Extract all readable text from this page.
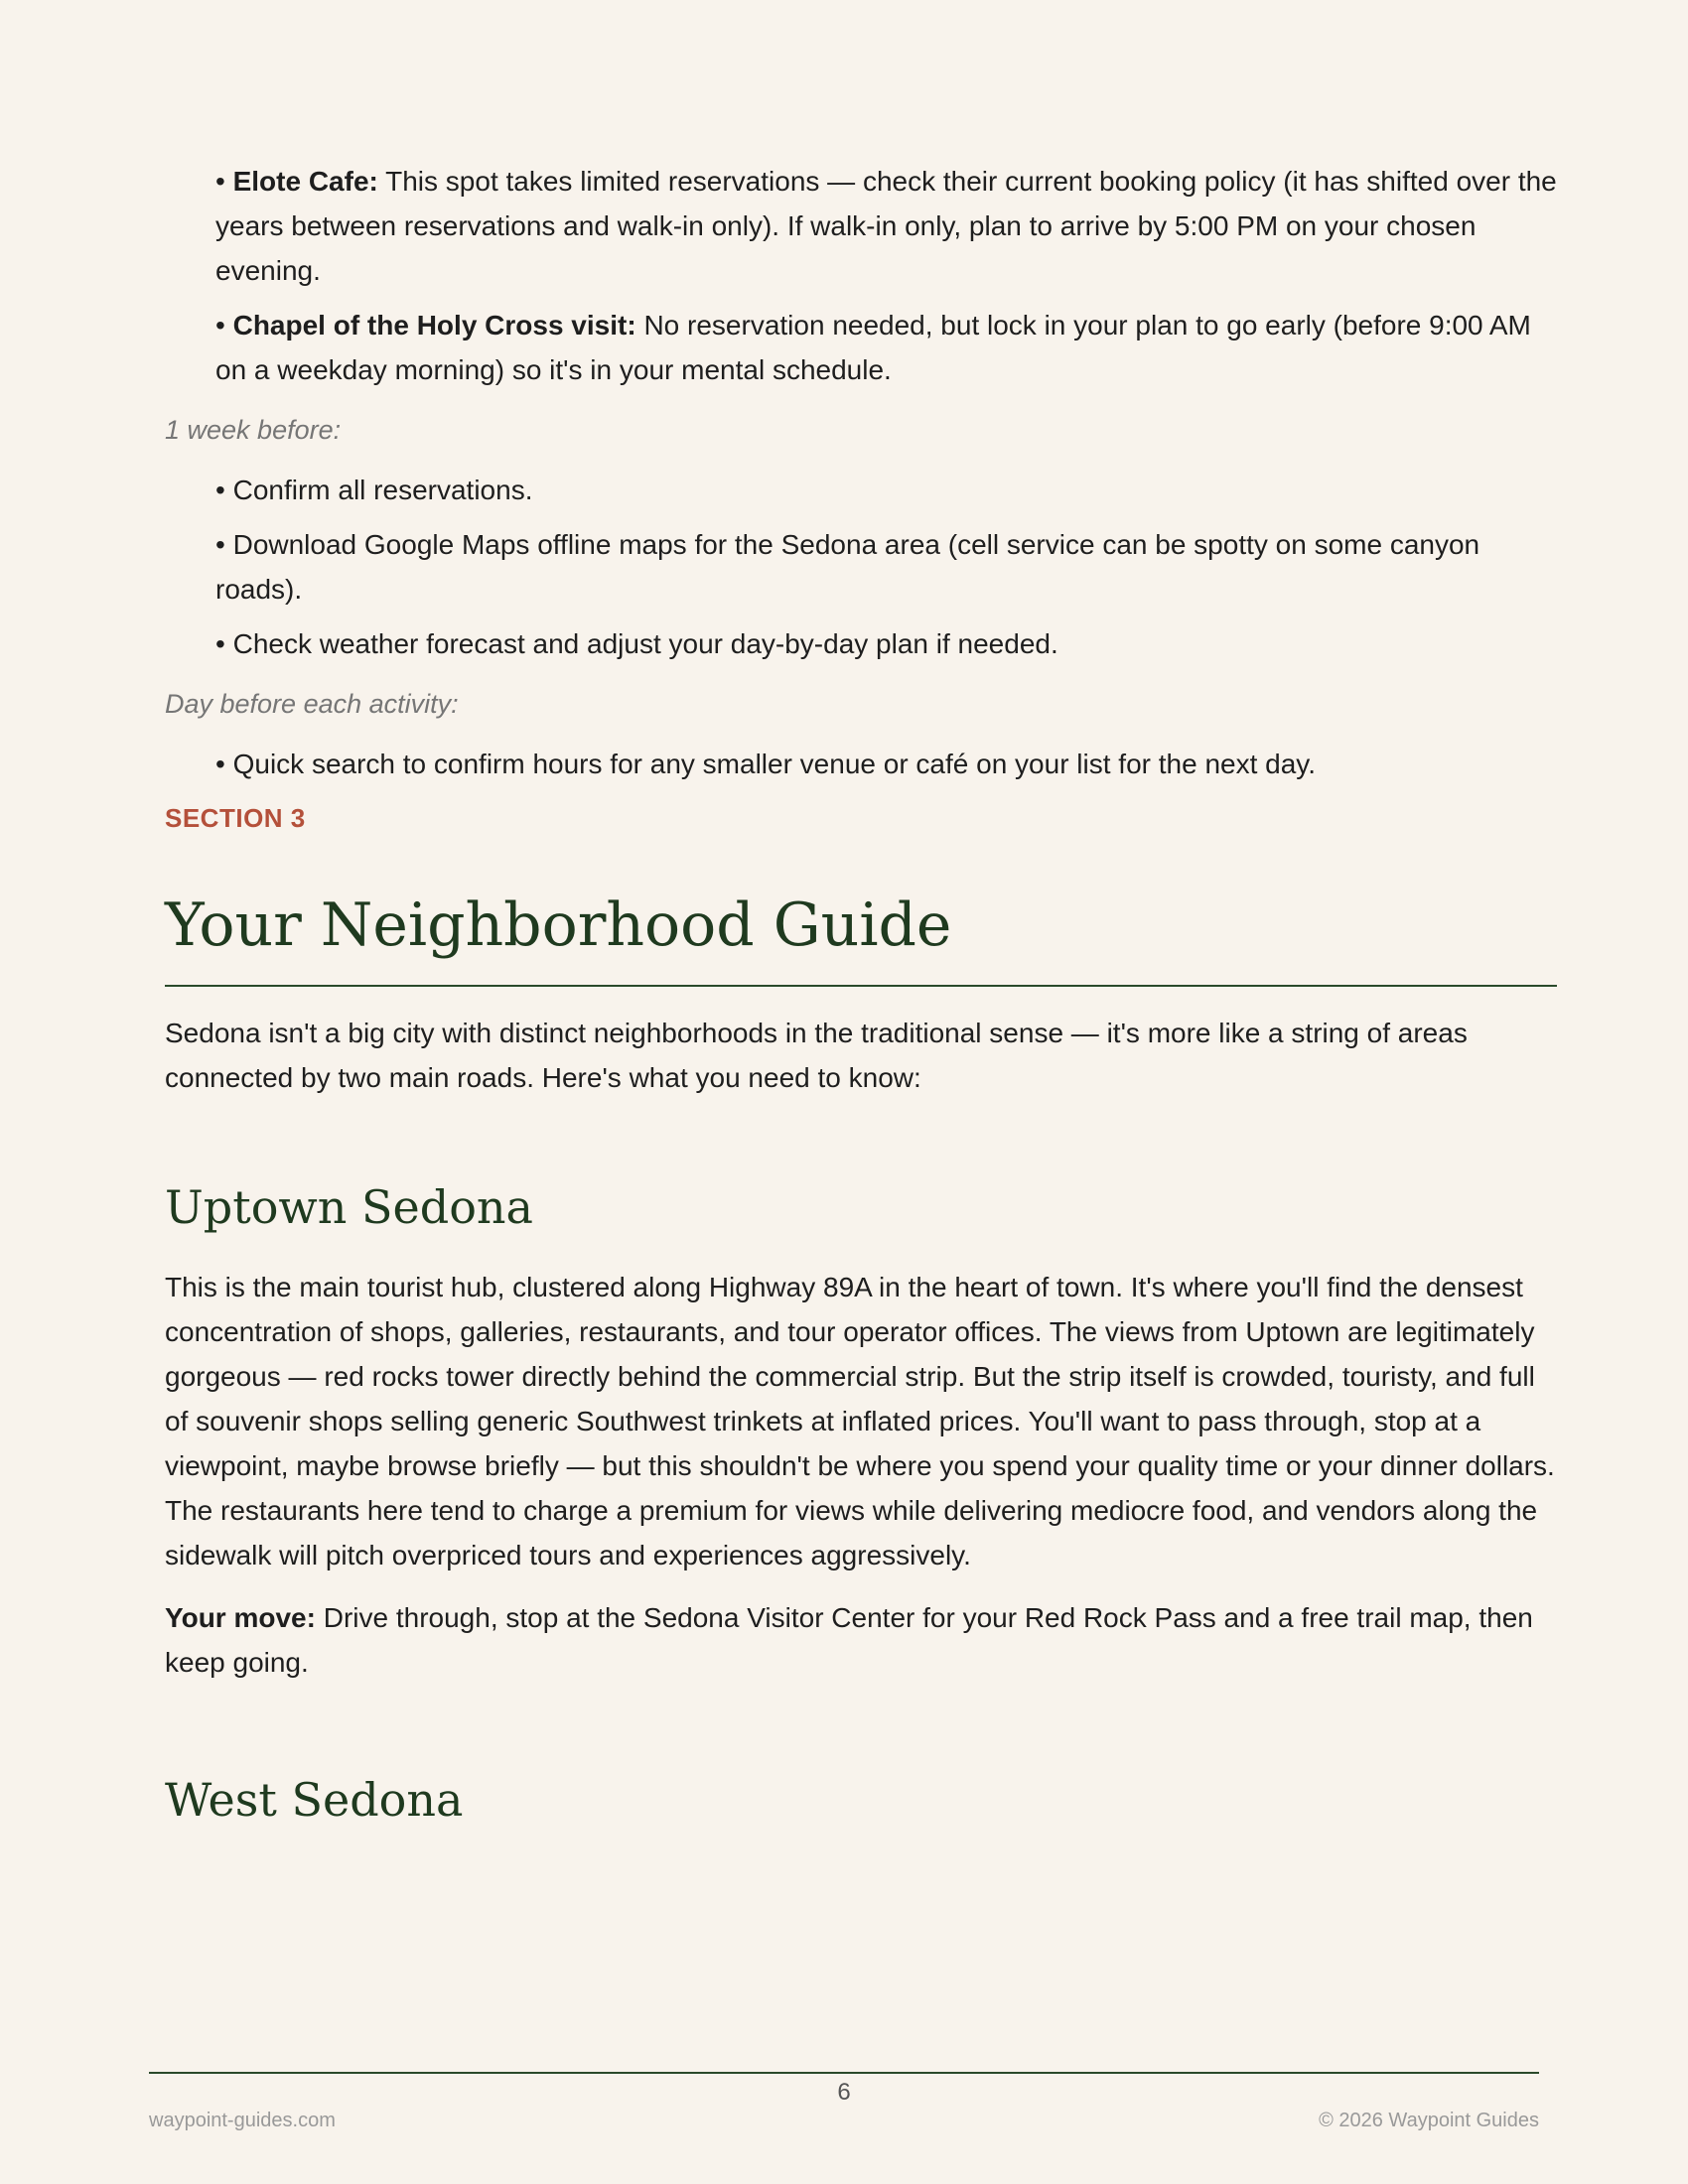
• Elote Cafe: This spot takes limited reservations — check their current booking policy (it has shifted over the years between reservations and walk-in only). If walk-in only, plan to arrive by 5:00 PM on your chosen evening.
• Chapel of the Holy Cross visit: No reservation needed, but lock in your plan to go early (before 9:00 AM on a weekday morning) so it's in your mental schedule.
1 week before:
• Confirm all reservations.
• Download Google Maps offline maps for the Sedona area (cell service can be spotty on some canyon roads).
• Check weather forecast and adjust your day-by-day plan if needed.
Day before each activity:
• Quick search to confirm hours for any smaller venue or café on your list for the next day.
SECTION 3
Your Neighborhood Guide

Sedona isn't a big city with distinct neighborhoods in the traditional sense — it's more like a string of areas connected by two main roads. Here's what you need to know:

Uptown Sedona

This is the main tourist hub, clustered along Highway 89A in the heart of town. It's where you'll find the densest concentration of shops, galleries, restaurants, and tour operator offices. The views from Uptown are legitimately gorgeous — red rocks tower directly behind the commercial strip. But the strip itself is crowded, touristy, and full of souvenir shops selling generic Southwest trinkets at inflated prices. You'll want to pass through, stop at a viewpoint, maybe browse briefly — but this shouldn't be where you spend your quality time or your dinner dollars. The restaurants here tend to charge a premium for views while delivering mediocre food, and vendors along the sidewalk will pitch overpriced tours and experiences aggressively.

Your move: Drive through, stop at the Sedona Visitor Center for your Red Rock Pass and a free trail map, then keep going.

West Sedona
6
waypoint-guides.com	© 2026 Waypoint Guides
